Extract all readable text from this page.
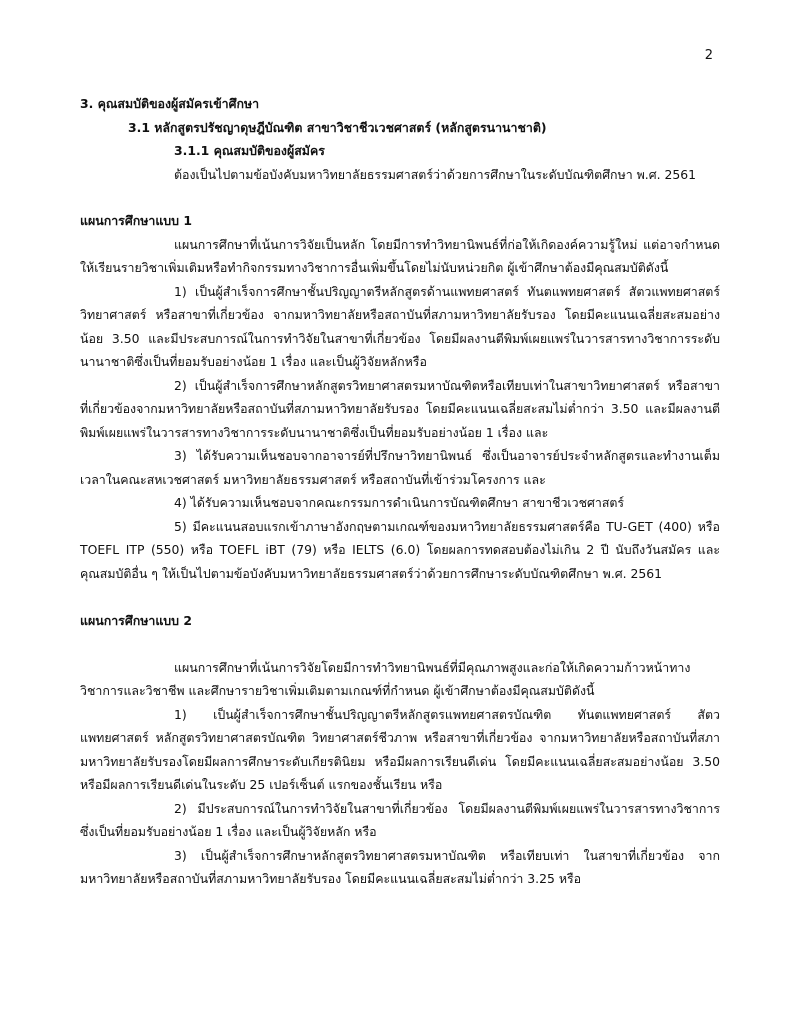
2

3. คุณสมบัติของผู้สมัครเข้าศึกษา

3.1 หลักสูตรปรัชญาดุษฎีบัณฑิต สาขาวิชาชีวเวชศาสตร์ (หลักสูตรนานาชาติ)

3.1.1 คุณสมบัติของผู้สมัคร

ต้องเป็นไปตามข้อบังคับมหาวิทยาลัยธรรมศาสตร์ว่าด้วยการศึกษาในระดับบัณฑิตศึกษา พ.ศ. 2561

แผนการศึกษาแบบ 1

แผนการศึกษาที่เน้นการวิจัยเป็นหลัก โดยมีการทำวิทยานิพนธ์ที่ก่อให้เกิดองค์ความรู้ใหม่ แต่อาจกำหนดให้เรียนรายวิชาเพิ่มเติมหรือทำกิจกรรมทางวิชาการอื่นเพิ่มขึ้นโดยไม่นับหน่วยกิต ผู้เข้าศึกษาต้องมีคุณสมบัติดังนี้

1) เป็นผู้สำเร็จการศึกษาชั้นปริญญาตรีหลักสูตรด้านแพทยศาสตร์ ทันตแพทยศาสตร์ สัตวแพทยศาสตร์ วิทยาศาสตร์ หรือสาขาที่เกี่ยวข้อง จากมหาวิทยาลัยหรือสถาบันที่สภามหาวิทยาลัยรับรอง โดยมีคะแนนเฉลี่ยสะสมอย่างน้อย 3.50 และมีประสบการณ์ในการทำวิจัยในสาขาที่เกี่ยวข้อง โดยมีผลงานตีพิมพ์เผยแพร่ในวารสารทางวิชาการระดับนานาชาติซึ่งเป็นที่ยอมรับอย่างน้อย 1 เรื่อง และเป็นผู้วิจัยหลักหรือ

2) เป็นผู้สำเร็จการศึกษาหลักสูตรวิทยาศาสตรมหาบัณฑิตหรือเทียบเท่าในสาขาวิทยาศาสตร์ หรือสาขาที่เกี่ยวข้องจากมหาวิทยาลัยหรือสถาบันที่สภามหาวิทยาลัยรับรอง โดยมีคะแนนเฉลี่ยสะสมไม่ต่ำกว่า 3.50 และมีผลงานตีพิมพ์เผยแพร่ในวารสารทางวิชาการระดับนานาชาติซึ่งเป็นที่ยอมรับอย่างน้อย 1 เรื่อง และ

3) ได้รับความเห็นชอบจากอาจารย์ที่ปรึกษาวิทยานิพนธ์ ซึ่งเป็นอาจารย์ประจำหลักสูตรและทำงานเต็มเวลาในคณะสหเวชศาสตร์ มหาวิทยาลัยธรรมศาสตร์ หรือสถาบันที่เข้าร่วมโครงการ และ

4) ได้รับความเห็นชอบจากคณะกรรมการดำเนินการบัณฑิตศึกษา สาขาชีวเวชศาสตร์

5) มีคะแนนสอบแรกเข้าภาษาอังกฤษตามเกณฑ์ของมหาวิทยาลัยธรรมศาสตร์คือ TU-GET (400) หรือ TOEFL ITP (550) หรือ TOEFL iBT (79) หรือ IELTS (6.0) โดยผลการทดสอบต้องไม่เกิน 2 ปี นับถึงวันสมัคร และคุณสมบัติอื่น ๆ ให้เป็นไปตามข้อบังคับมหาวิทยาลัยธรรมศาสตร์ว่าด้วยการศึกษาระดับบัณฑิตศึกษา พ.ศ. 2561

แผนการศึกษาแบบ 2

แผนการศึกษาที่เน้นการวิจัยโดยมีการทำวิทยานิพนธ์ที่มีคุณภาพสูงและก่อให้เกิดความก้าวหน้าทางวิชาการและวิชาชีพ และศึกษารายวิชาเพิ่มเติมตามเกณฑ์ที่กำหนด ผู้เข้าศึกษาต้องมีคุณสมบัติดังนี้

1) เป็นผู้สำเร็จการศึกษาชั้นปริญญาตรีหลักสูตรแพทยศาสตรบัณฑิต ทันตแพทยศาสตร์ สัตวแพทยศาสตร์ หลักสูตรวิทยาศาสตรบัณฑิต วิทยาศาสตร์ชีวภาพ หรือสาขาที่เกี่ยวข้อง จากมหาวิทยาลัยหรือสถาบันที่สภามหาวิทยาลัยรับรองโดยมีผลการศึกษาระดับเกียรตินิยม หรือมีผลการเรียนดีเด่น โดยมีคะแนนเฉลี่ยสะสมอย่างน้อย 3.50 หรือมีผลการเรียนดีเด่นในระดับ 25 เปอร์เซ็นต์ แรกของชั้นเรียน หรือ

2) มีประสบการณ์ในการทำวิจัยในสาขาที่เกี่ยวข้อง โดยมีผลงานตีพิมพ์เผยแพร่ในวารสารทางวิชาการซึ่งเป็นที่ยอมรับอย่างน้อย 1 เรื่อง และเป็นผู้วิจัยหลัก หรือ

3) เป็นผู้สำเร็จการศึกษาหลักสูตรวิทยาศาสตรมหาบัณฑิต หรือเทียบเท่า ในสาขาที่เกี่ยวข้อง จากมหาวิทยาลัยหรือสถาบันที่สภามหาวิทยาลัยรับรอง โดยมีคะแนนเฉลี่ยสะสมไม่ต่ำกว่า 3.25 หรือ
